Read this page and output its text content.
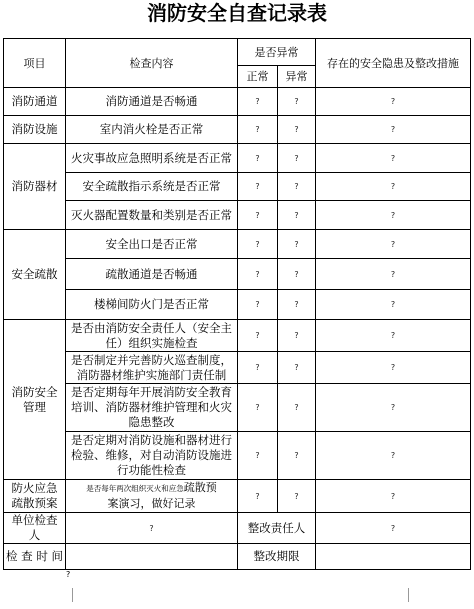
消防安全自查记录表
项目	检查内容	是否异常		存在的安全隐患及整改措施
		正常	异常	
消防通道	消防通道是否畅通	?	?	?
消防设施	室内消火栓是否正常	?	?	?
消防器材	火灾事故应急照明系统是否正常	?	?	?
	安全疏散指示系统是否正常	?	?	?
	灭火器配置数量和类别是否正常	?	?	?
安全疏散	安全出口是否正常	?	?	?
	疏散通道是否畅通	?	?	?
	楼梯间防火门是否正常	?	?	?
消防安全管理	是否由消防安全责任人（安全主任）组织实施检查	?	?	?
	是否制定并完善防火巡查制度，消防器材维护实施部门责任制	?	?	?
	是否定期每年开展消防安全教育培训、消防器材维护管理和火灾隐患整改	?	?	?
	是否定期对消防设施和器材进行检验、维修，对自动消防设施进行功能性检查	?	?	?
防火应急疏散预案	是否每年两次组织灭火和应急疏散预
案演习，做好记录	?	?	?
单位检查人	?	整改责任人		?
检 查 时 间		整改期限		
?
